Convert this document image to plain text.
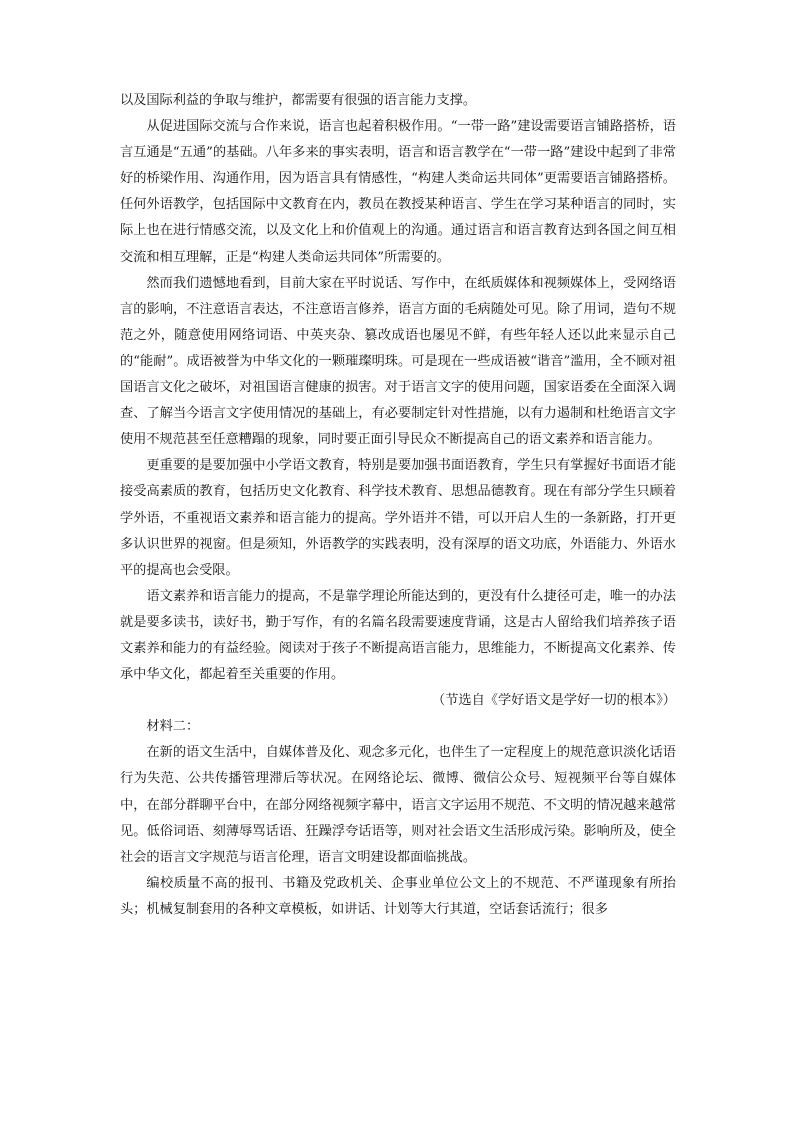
以及国际利益的争取与维护，都需要有很强的语言能力支撑。

从促进国际交流与合作来说，语言也起着积极作用。“一带一路”建设需要语言铺路搭桥，语言互通是“五通”的基础。八年多来的事实表明，语言和语言教学在“一带一路”建设中起到了非常好的桥梁作用、沟通作用，因为语言具有情感性，“构建人类命运共同体”更需要语言铺路搭桥。任何外语教学，包括国际中文教育在内，教员在教授某种语言、学生在学习某种语言的同时，实际上也在进行情感交流，以及文化上和价值观上的沟通。通过语言和语言教育达到各国之间互相交流和相互理解，正是“构建人类命运共同体”所需要的。

然而我们遗憾地看到，目前大家在平时说话、写作中，在纸质媒体和视频媒体上，受网络语言的影响，不注意语言表达，不注意语言修养，语言方面的毛病随处可见。除了用词，造句不规范之外，随意使用网络词语、中英夹杂、篡改成语也屡见不鲜，有些年轻人还以此来显示自己的“能耐”。成语被誉为中华文化的一颗璀璨明珠。可是现在一些成语被“谐音”滥用，全不顾对祖国语言文化之破坏，对祖国语言健康的损害。对于语言文字的使用问题，国家语委在全面深入调查、了解当今语言文字使用情况的基础上，有必要制定针对性措施，以有力遏制和杜绝语言文字使用不规范甚至任意糟蹋的现象，同时要正面引导民众不断提高自己的语文素养和语言能力。

更重要的是要加强中小学语文教育，特别是要加强书面语教育，学生只有掌握好书面语才能接受高素质的教育，包括历史文化教育、科学技术教育、思想品德教育。现在有部分学生只顾着学外语，不重视语文素养和语言能力的提高。学外语并不错，可以开启人生的一条新路，打开更多认识世界的视窗。但是须知，外语教学的实践表明，没有深厚的语文功底，外语能力、外语水平的提高也会受限。

语文素养和语言能力的提高，不是靠学理论所能达到的，更没有什么捷径可走，唯一的办法就是要多读书，读好书，勤于写作，有的名篇名段需要速度背诵，这是古人留给我们培养孩子语文素养和能力的有益经验。阅读对于孩子不断提高语言能力，思维能力，不断提高文化素养、传承中华文化，都起着至关重要的作用。

（节选自《学好语文是学好一切的根本》）

材料二：

在新的语文生活中，自媒体普及化、观念多元化，也伴生了一定程度上的规范意识淡化话语行为失范、公共传播管理滞后等状况。在网络论坛、微博、微信公众号、短视频平台等自媒体中，在部分群聊平台中，在部分网络视频字幕中，语言文字运用不规范、不文明的情况越来越常见。低俗词语、刻薄辱骂话语、狂躁浮夸话语等，则对社会语文生活形成污染。影响所及，使全社会的语言文字规范与语言伦理，语言文明建设都面临挑战。

编校质量不高的报刊、书籍及党政机关、企事业单位公文上的不规范、不严谨现象有所抬头；机械复制套用的各种文章模板，如讲话、计划等大行其道，空话套话流行；很多
